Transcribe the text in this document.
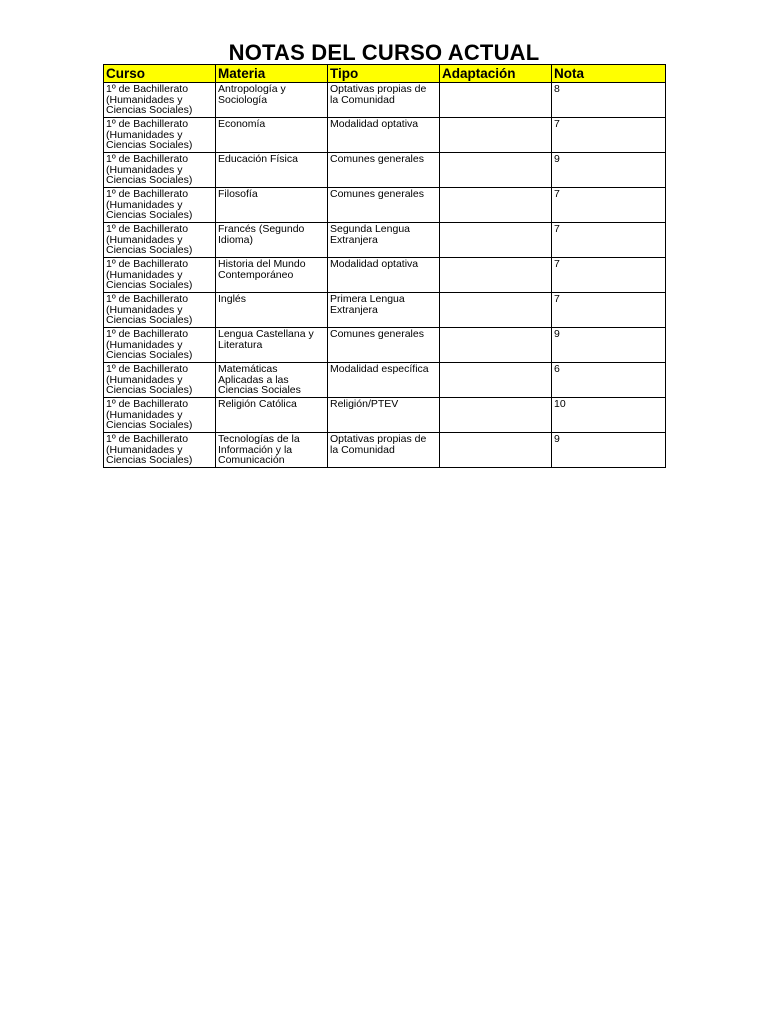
NOTAS DEL CURSO ACTUAL
Curso	Materia	Tipo	Adaptación	Nota
1º de Bachillerato (Humanidades y Ciencias Sociales)	Antropología y Sociología	Optativas propias de la Comunidad		8
1º de Bachillerato (Humanidades y Ciencias Sociales)	Economía	Modalidad optativa		7
1º de Bachillerato (Humanidades y Ciencias Sociales)	Educación Física	Comunes generales		9
1º de Bachillerato (Humanidades y Ciencias Sociales)	Filosofía	Comunes generales		7
1º de Bachillerato (Humanidades y Ciencias Sociales)	Francés (Segundo Idioma)	Segunda Lengua Extranjera		7
1º de Bachillerato (Humanidades y Ciencias Sociales)	Historia del Mundo Contemporáneo	Modalidad optativa		7
1º de Bachillerato (Humanidades y Ciencias Sociales)	Inglés	Primera Lengua Extranjera		7
1º de Bachillerato (Humanidades y Ciencias Sociales)	Lengua Castellana y Literatura	Comunes generales		9
1º de Bachillerato (Humanidades y Ciencias Sociales)	Matemáticas Aplicadas a las Ciencias Sociales	Modalidad específica		6
1º de Bachillerato (Humanidades y Ciencias Sociales)	Religión Católica	Religión/PTEV		10
1º de Bachillerato (Humanidades y Ciencias Sociales)	Tecnologías de la Información y la Comunicación	Optativas propias de la Comunidad		9
